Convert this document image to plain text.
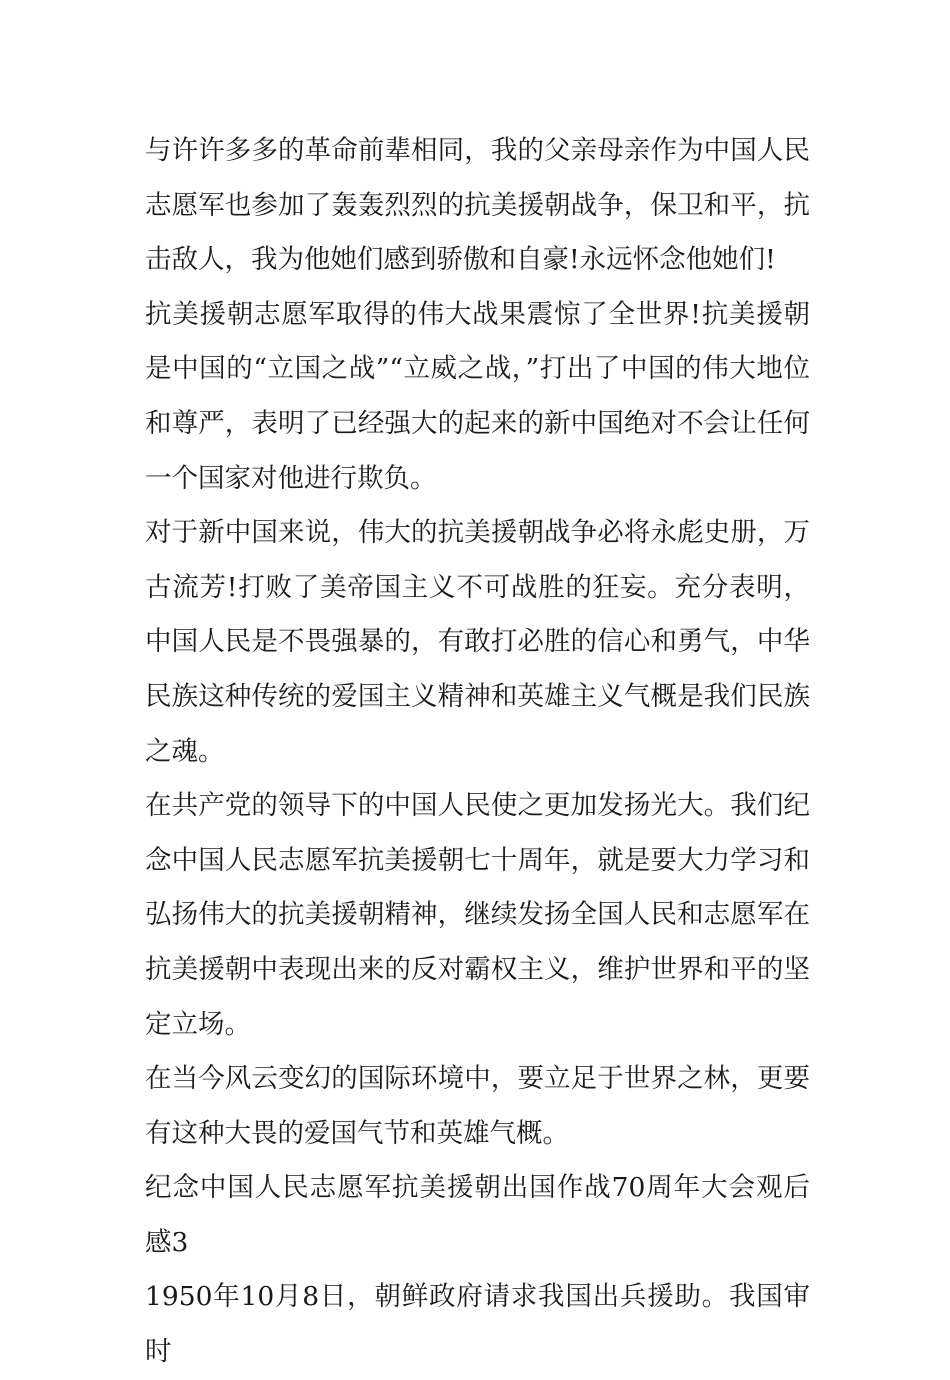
与许许多多的革命前辈相同，我的父亲母亲作为中国人民志愿军也参加了轰轰烈烈的抗美援朝战争，保卫和平，抗击敌人，我为他她们感到骄傲和自豪!永远怀念他她们!

抗美援朝志愿军取得的伟大战果震惊了全世界!抗美援朝是中国的“立国之战”“立威之战，”打出了中国的伟大地位和尊严，表明了已经强大的起来的新中国绝对不会让任何一个国家对他进行欺负。

对于新中国来说，伟大的抗美援朝战争必将永彪史册，万古流芳!打败了美帝国主义不可战胜的狂妄。充分表明，中国人民是不畏强暴的，有敢打必胜的信心和勇气，中华民族这种传统的爱国主义精神和英雄主义气概是我们民族之魂。

在共产党的领导下的中国人民使之更加发扬光大。我们纪念中国人民志愿军抗美援朝七十周年，就是要大力学习和弘扬伟大的抗美援朝精神，继续发扬全国人民和志愿军在抗美援朝中表现出来的反对霸权主义，维护世界和平的坚定立场。

在当今风云变幻的国际环境中，要立足于世界之林，更要有这种大畏的爱国气节和英雄气概。

纪念中国人民志愿军抗美援朝出国作战70周年大会观后感3

1950年10月8日，朝鲜政府请求我国出兵援助。我国审时
